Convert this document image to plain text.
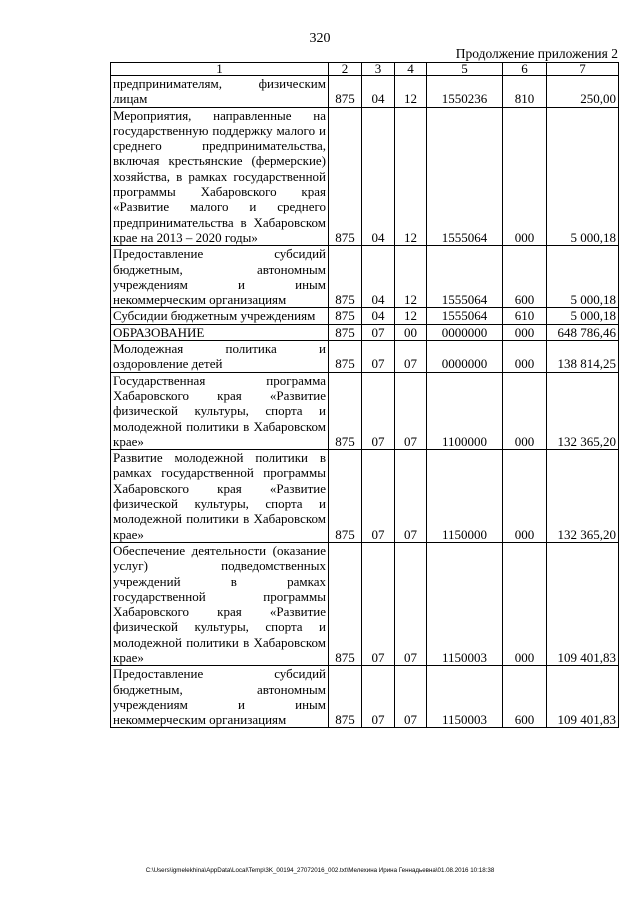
320
Продолжение приложения 2
1	2	3	4	5	6	7
предпринимателям, физическим лицам	875	04	12	1550236	810	250,00
Мероприятия, направленные на государственную поддержку малого и среднего предпринимательства, включая крестьянские (фермерские) хозяйства, в рамках государственной программы Хабаровского края «Развитие малого и среднего предпринимательства в Хабаровском крае на 2013 – 2020 годы»	875	04	12	1555064	000	5 000,18
Предоставление субсидий бюджетным, автономным учреждениям и иным некоммерческим организациям	875	04	12	1555064	600	5 000,18
Субсидии бюджетным учреждениям	875	04	12	1555064	610	5 000,18
ОБРАЗОВАНИЕ	875	07	00	0000000	000	648 786,46
Молодежная политика и оздоровление детей	875	07	07	0000000	000	138 814,25
Государственная программа Хабаровского края «Развитие физической культуры, спорта и молодежной политики в Хабаровском крае»	875	07	07	1100000	000	132 365,20
Развитие молодежной политики в рамках государственной программы Хабаровского края «Развитие физической культуры, спорта и молодежной политики в Хабаровском крае»	875	07	07	1150000	000	132 365,20
Обеспечение деятельности (оказание услуг) подведомственных учреждений в рамках государственной программы Хабаровского края «Развитие физической культуры, спорта и молодежной политики в Хабаровском крае»	875	07	07	1150003	000	109 401,83
Предоставление субсидий бюджетным, автономным учреждениям и иным некоммерческим организациям	875	07	07	1150003	600	109 401,83
C:\Users\igmelekhina\AppData\Local\Temp\3K_00194_27072016_002.txt\Мелехина Ирина Геннадьевна\01.08.2016 10:18:38
